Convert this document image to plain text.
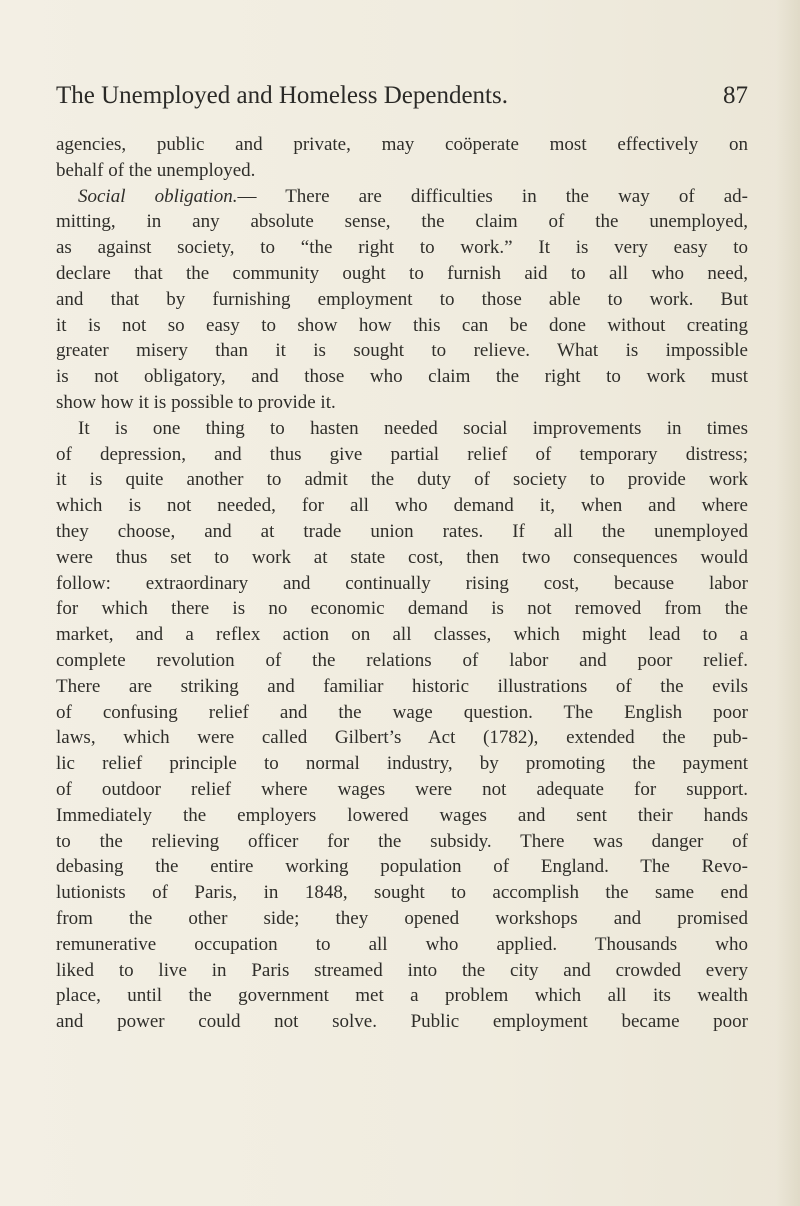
The Unemployed and Homeless Dependents.	87
agencies, public and private, may coöperate most effectively on
behalf of the unemployed.
Social obligation.— There are difficulties in the way of ad-
mitting, in any absolute sense, the claim of the unemployed,
as against society, to “the right to work.” It is very easy to
declare that the community ought to furnish aid to all who need,
and that by furnishing employment to those able to work. But
it is not so easy to show how this can be done without creating
greater misery than it is sought to relieve. What is impossible
is not obligatory, and those who claim the right to work must
show how it is possible to provide it.
It is one thing to hasten needed social improvements in times
of depression, and thus give partial relief of temporary distress;
it is quite another to admit the duty of society to provide work
which is not needed, for all who demand it, when and where
they choose, and at trade union rates. If all the unemployed
were thus set to work at state cost, then two consequences would
follow: extraordinary and continually rising cost, because labor
for which there is no economic demand is not removed from the
market, and a reflex action on all classes, which might lead to a
complete revolution of the relations of labor and poor relief.
There are striking and familiar historic illustrations of the evils
of confusing relief and the wage question. The English poor
laws, which were called Gilbert’s Act (1782), extended the pub-
lic relief principle to normal industry, by promoting the payment
of outdoor relief where wages were not adequate for support.
Immediately the employers lowered wages and sent their hands
to the relieving officer for the subsidy. There was danger of
debasing the entire working population of England. The Revo-
lutionists of Paris, in 1848, sought to accomplish the same end
from the other side; they opened workshops and promised
remunerative occupation to all who applied. Thousands who
liked to live in Paris streamed into the city and crowded every
place, until the government met a problem which all its wealth
and power could not solve. Public employment became poor
